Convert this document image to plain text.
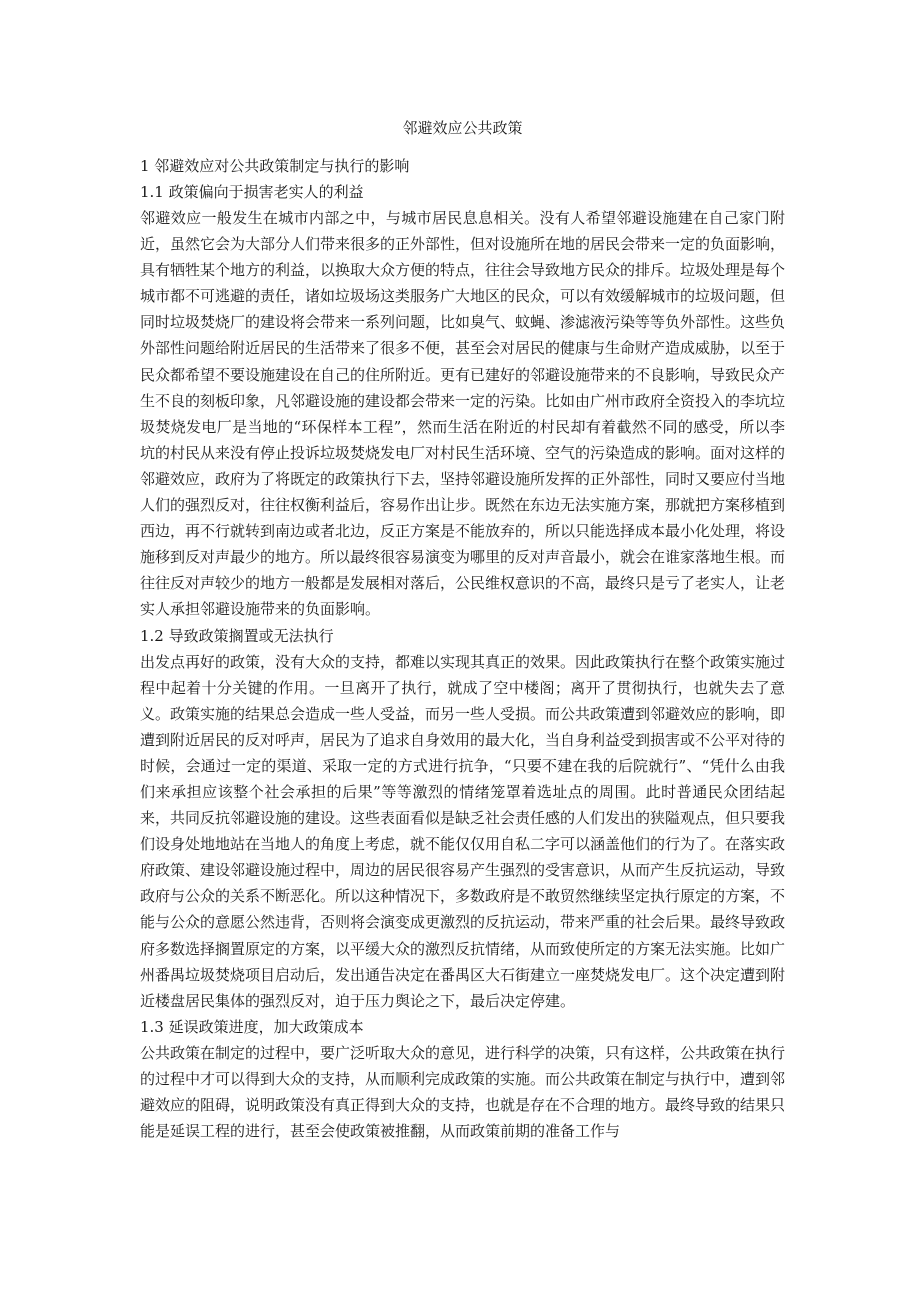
邻避效应公共政策
1 邻避效应对公共政策制定与执行的影响
1.1 政策偏向于损害老实人的利益

邻避效应一般发生在城市内部之中，与城市居民息息相关。没有人希望邻避设施建在自己家门附近，虽然它会为大部分人们带来很多的正外部性，但对设施所在地的居民会带来一定的负面影响，具有牺牲某个地方的利益，以换取大众方便的特点，往往会导致地方民众的排斥。垃圾处理是每个城市都不可逃避的责任，诸如垃圾场这类服务广大地区的民众，可以有效缓解城市的垃圾问题，但同时垃圾焚烧厂的建设将会带来一系列问题，比如臭气、蚊蝇、渗滤液污染等等负外部性。这些负外部性问题给附近居民的生活带来了很多不便，甚至会对居民的健康与生命财产造成威胁，以至于民众都希望不要设施建设在自己的住所附近。更有已建好的邻避设施带来的不良影响，导致民众产生不良的刻板印象，凡邻避设施的建设都会带来一定的污染。比如由广州市政府全资投入的李坑垃圾焚烧发电厂是当地的“环保样本工程”，然而生活在附近的村民却有着截然不同的感受，所以李坑的村民从来没有停止投诉垃圾焚烧发电厂对村民生活环境、空气的污染造成的影响。面对这样的邻避效应，政府为了将既定的政策执行下去，坚持邻避设施所发挥的正外部性，同时又要应付当地人们的强烈反对，往往权衡利益后，容易作出让步。既然在东边无法实施方案，那就把方案移植到西边，再不行就转到南边或者北边，反正方案是不能放弃的，所以只能选择成本最小化处理，将设施移到反对声最少的地方。所以最终很容易演变为哪里的反对声音最小，就会在谁家落地生根。而往往反对声较少的地方一般都是发展相对落后，公民维权意识的不高，最终只是亏了老实人，让老实人承担邻避设施带来的负面影响。

1.2 导致政策搁置或无法执行

出发点再好的政策，没有大众的支持，都难以实现其真正的效果。因此政策执行在整个政策实施过程中起着十分关键的作用。一旦离开了执行，就成了空中楼阁；离开了贯彻执行，也就失去了意义。政策实施的结果总会造成一些人受益，而另一些人受损。而公共政策遭到邻避效应的影响，即遭到附近居民的反对呼声，居民为了追求自身效用的最大化，当自身利益受到损害或不公平对待的时候，会通过一定的渠道、采取一定的方式进行抗争，“只要不建在我的后院就行”、“凭什么由我们来承担应该整个社会承担的后果”等等激烈的情绪笼罩着选址点的周围。此时普通民众团结起来，共同反抗邻避设施的建设。这些表面看似是缺乏社会责任感的人们发出的狭隘观点，但只要我们设身处地地站在当地人的角度上考虑，就不能仅仅用自私二字可以涵盖他们的行为了。在落实政府政策、建设邻避设施过程中，周边的居民很容易产生强烈的受害意识，从而产生反抗运动，导致政府与公众的关系不断恶化。所以这种情况下，多数政府是不敢贸然继续坚定执行原定的方案，不能与公众的意愿公然违背，否则将会演变成更激烈的反抗运动，带来严重的社会后果。最终导致政府多数选择搁置原定的方案，以平缓大众的激烈反抗情绪，从而致使所定的方案无法实施。比如广州番禺垃圾焚烧项目启动后，发出通告决定在番禺区大石街建立一座焚烧发电厂。这个决定遭到附近楼盘居民集体的强烈反对，迫于压力舆论之下，最后决定停建。

1.3 延误政策进度，加大政策成本

公共政策在制定的过程中，要广泛听取大众的意见，进行科学的决策，只有这样，公共政策在执行的过程中才可以得到大众的支持，从而顺利完成政策的实施。而公共政策在制定与执行中，遭到邻避效应的阻碍，说明政策没有真正得到大众的支持，也就是存在不合理的地方。最终导致的结果只能是延误工程的进行，甚至会使政策被推翻，从而政策前期的准备工作与
